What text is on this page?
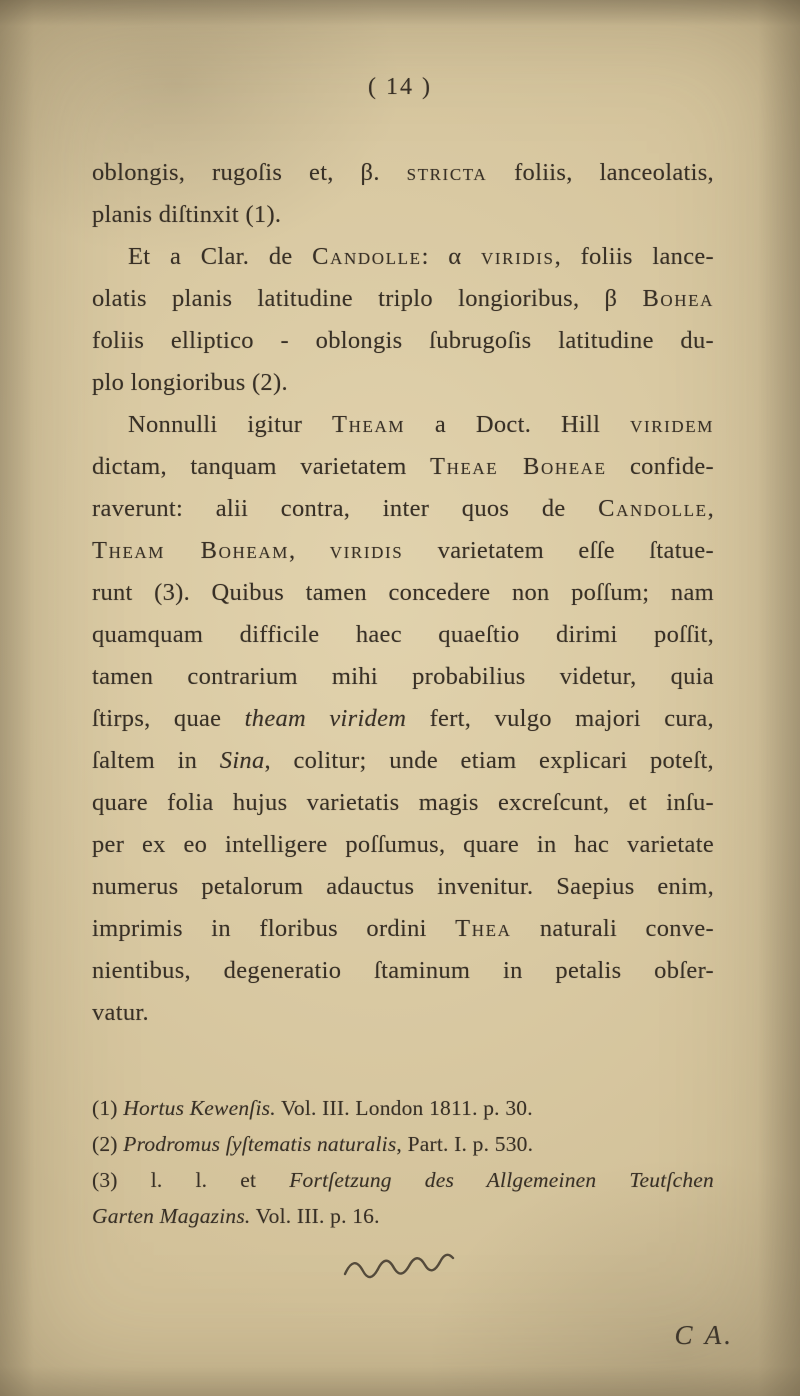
( 14 )
oblongis, rugoſis et, β. stricta foliis, lanceolatis,
planis diſtinxit (1).
Et a Clar. de Candolle: α viridis, foliis lance-
olatis planis latitudine triplo longioribus, β Bohea
foliis elliptico - oblongis ſubrugoſis latitudine du-
plo longioribus (2).
Nonnulli igitur Theam a Doct. Hill viridem
dictam, tanquam varietatem Theae Boheae confide-
raverunt: alii contra, inter quos de Candolle,
Theam Boheam, viridis varietatem eſſe ſtatue-
runt (3). Quibus tamen concedere non poſſum; nam
quamquam difficile haec quaeſtio dirimi poſſit,
tamen contrarium mihi probabilius videtur, quia
ſtirps, quae theam viridem fert, vulgo majori cura,
ſaltem in Sina, colitur; unde etiam explicari poteſt,
quare folia hujus varietatis magis excreſcunt, et inſu-
per ex eo intelligere poſſumus, quare in hac varietate
numerus petalorum adauctus invenitur. Saepius enim,
imprimis in floribus ordini Thea naturali conve-
nientibus, degeneratio ſtaminum in petalis obſer-
vatur.
(1) Hortus Kewenſis. Vol. III. London 1811. p. 30.
(2) Prodromus ſyſtematis naturalis, Part. I. p. 530.
(3) l. l. et Fortſetzung des Allgemeinen Teutſchen
Garten Magazins. Vol. III. p. 16.
C A.
